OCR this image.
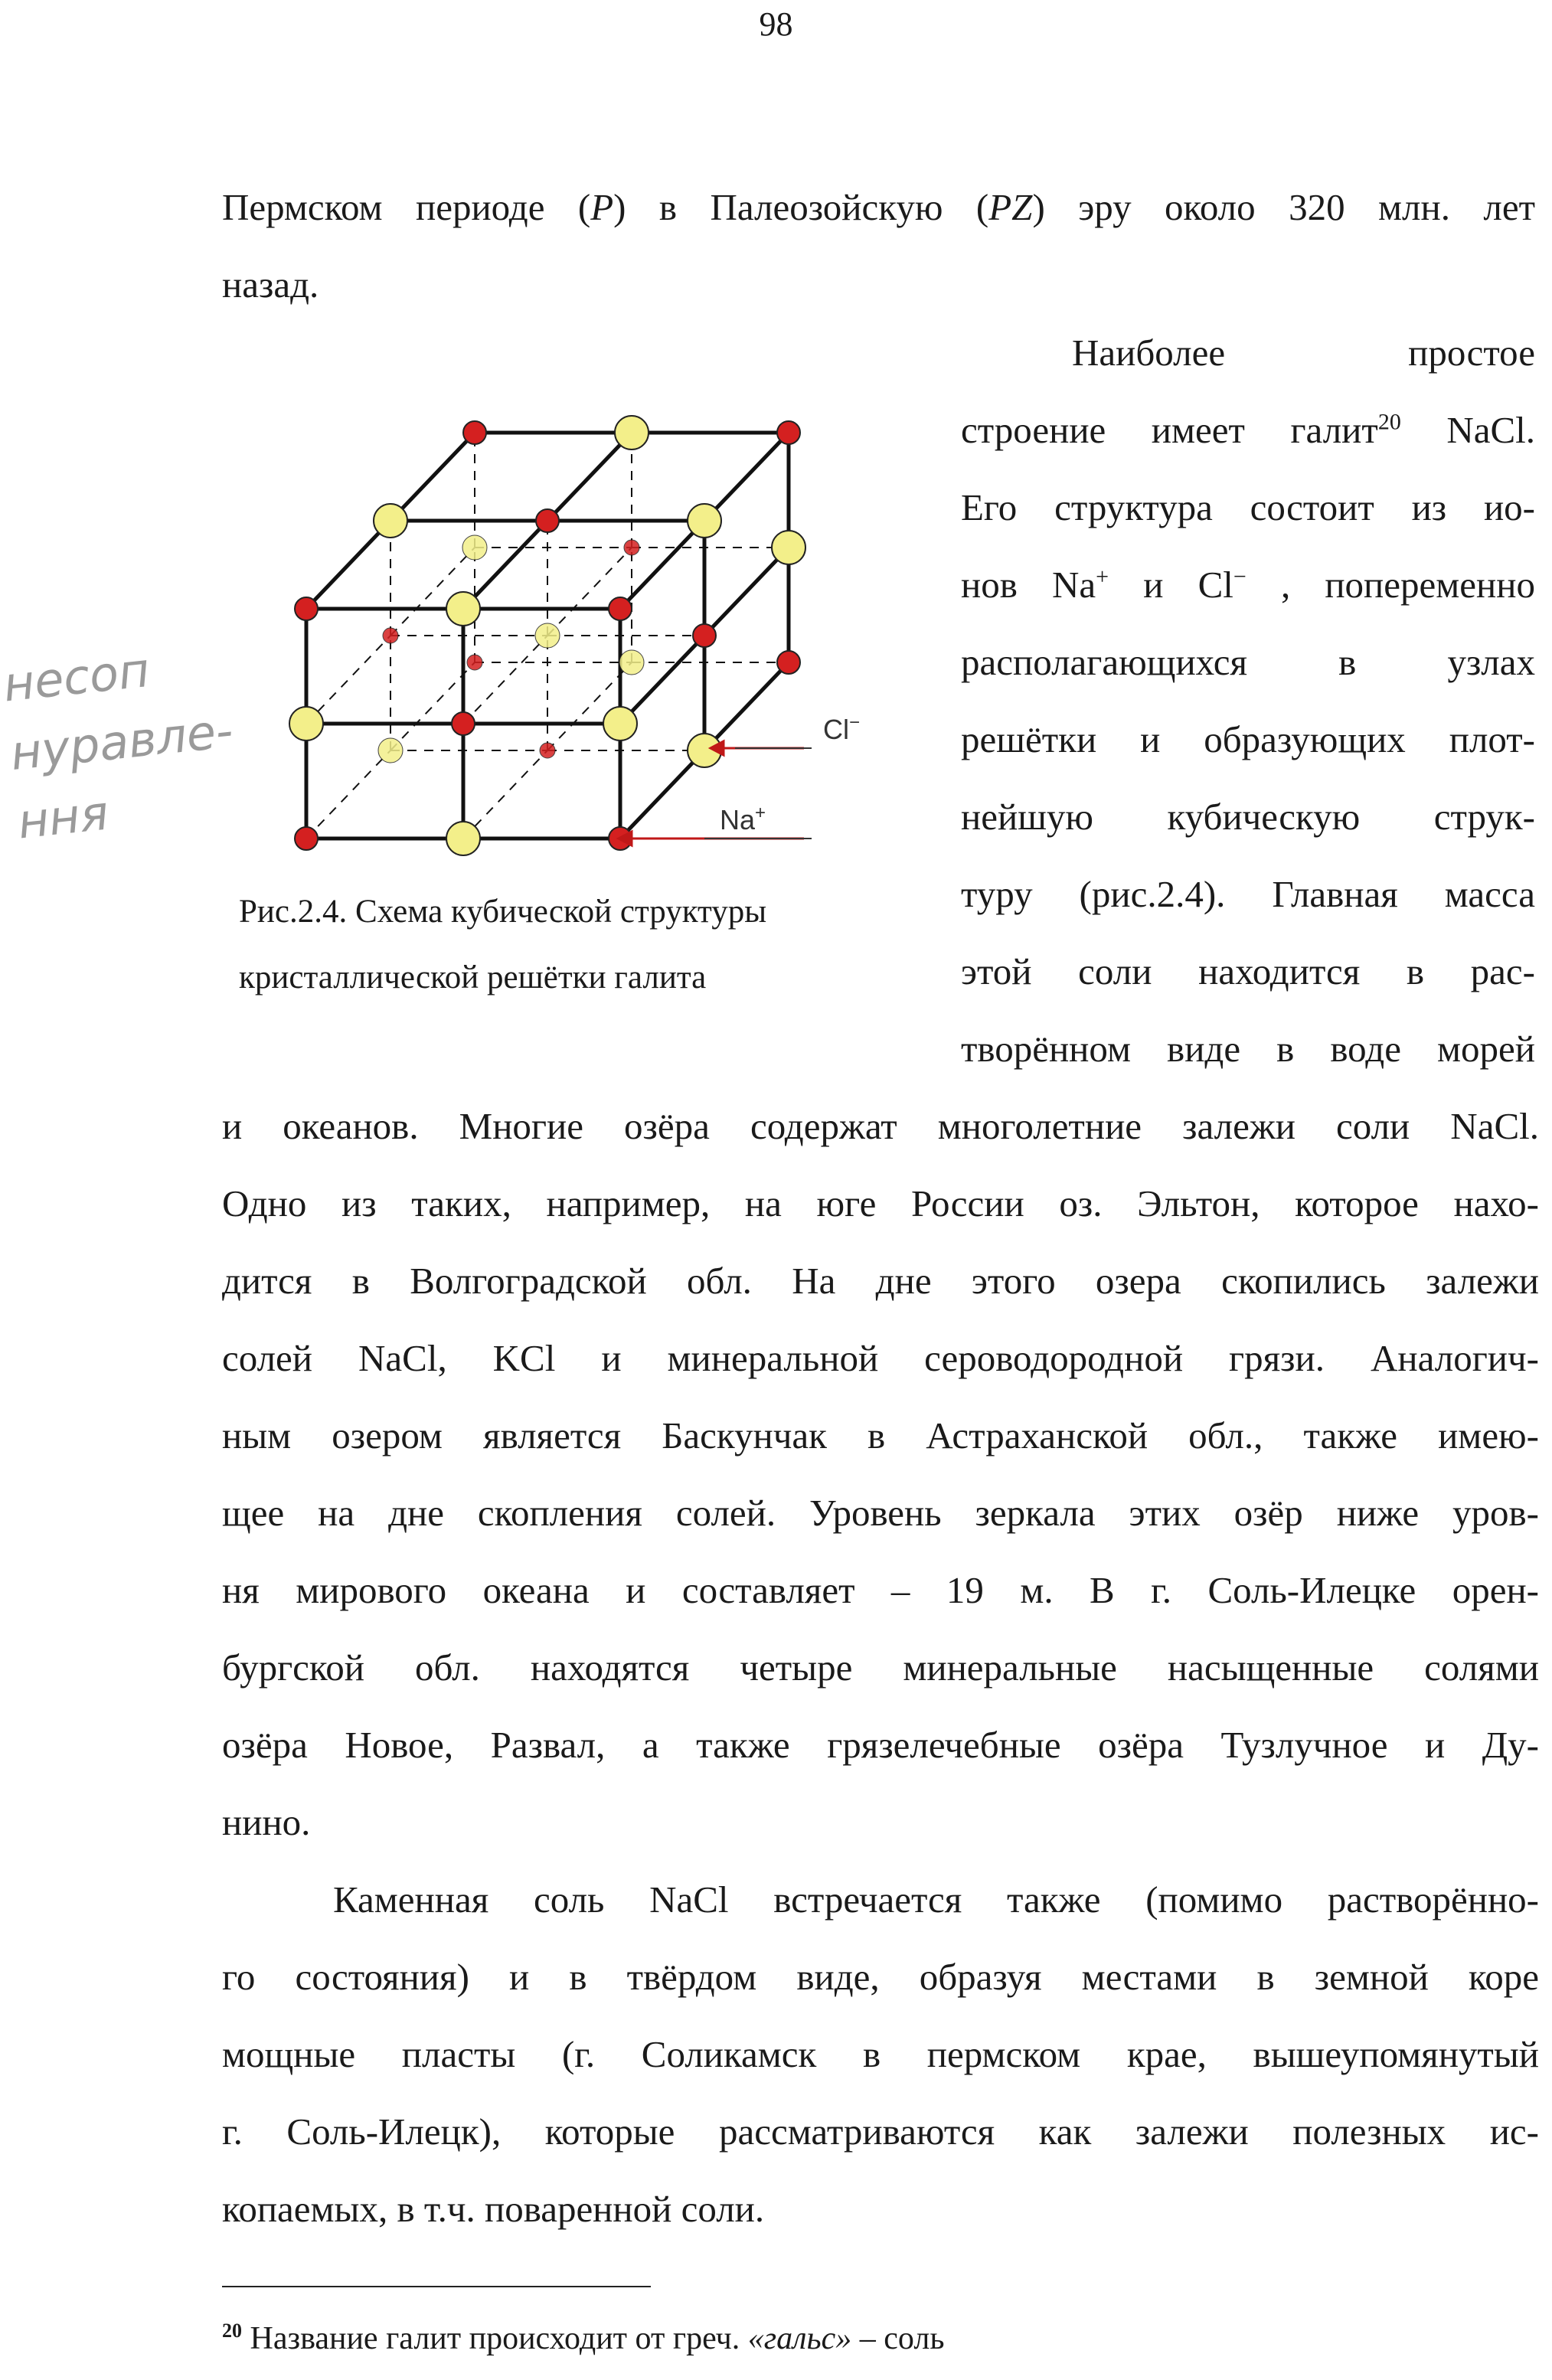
98
Пермском периоде (P) в Палеозойскую (PZ) эру около 320 млн. лет
назад.
Наиболее простое
строение имеет галит$^{20}$ NaCl.
Его структура состоит из ио-
нов Na+ и Cl− , попеременно
располагающихся в узлах
решётки и образующих плот-
нейшую кубическую струк-
туру (рис.2.4). Главная масса
этой соли находится в рас-
творённом виде в воде морей
Cl−
Na+
Рис.2.4. Схема кубической структуры
кристаллической решётки галита
несоп
нуравле-
ння
и океанов. Многие озёра содержат многолетние залежи соли NaCl.
Одно из таких, например, на юге России оз. Эльтон, которое нахо-
дится в Волгоградской обл. На дне этого озера скопились залежи
солей NaCl, KCl и минеральной сероводородной грязи. Аналогич-
ным озером является Баскунчак в Астраханской обл., также имею-
щее на дне скопления солей. Уровень зеркала этих озёр ниже уров-
ня мирового океана и составляет – 19 м. В г. Соль-Илецке орен-
бургской обл. находятся четыре минеральные насыщенные солями
озёра Новое, Развал, а также грязелечебные озёра Тузлучное и Ду-
нино.
Каменная соль NaCl встречается также (помимо растворённо-
го состояния) и в твёрдом виде, образуя местами в земной коре
мощные пласты (г. Соликамск в пермском крае, вышеупомянутый
г. Соль-Илецк), которые рассматриваются как залежи полезных ис-
копаемых, в т.ч. поваренной соли.
$^{20}$ Название галит происходит от греч. «гальс» – соль
